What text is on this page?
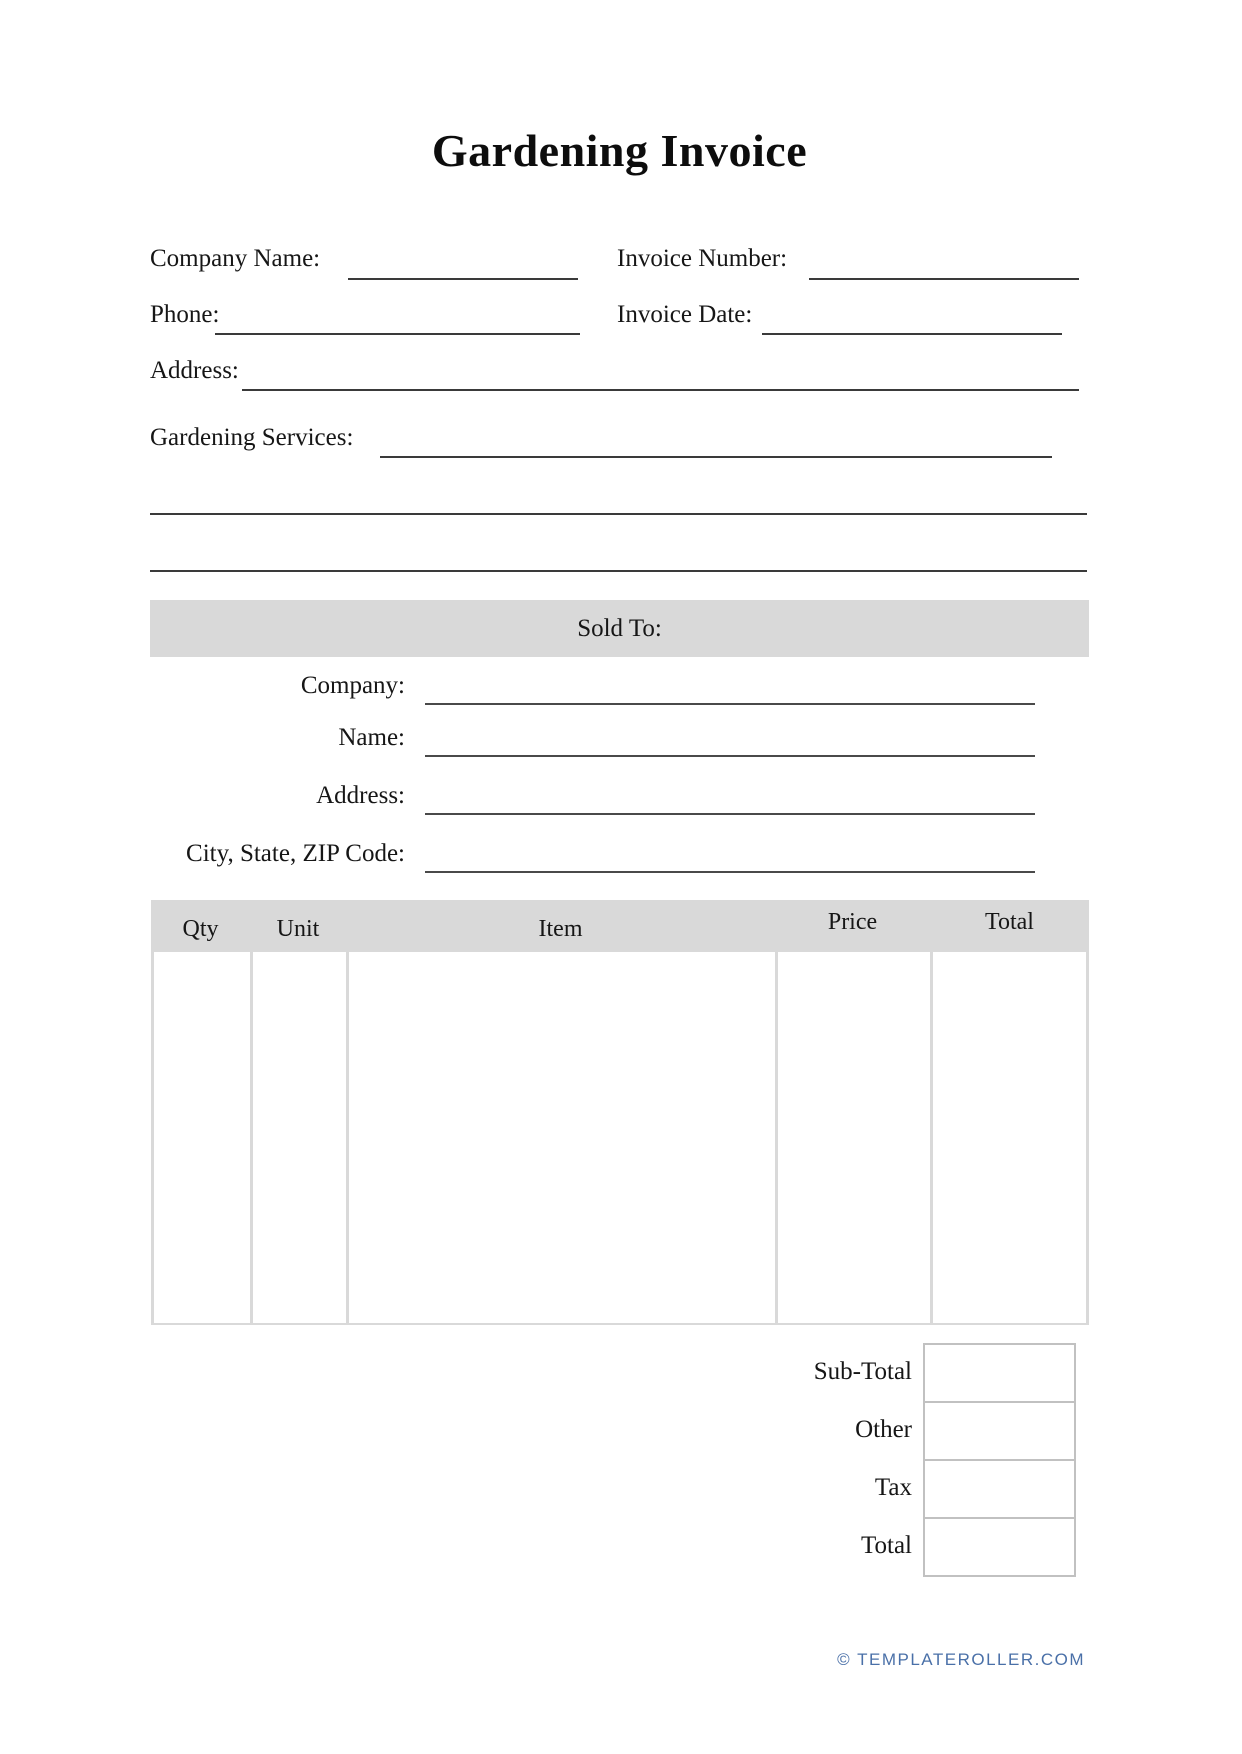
Gardening Invoice
Company Name:	Invoice Number:
Phone:	Invoice Date:
Address:
Gardening Services:
Sold To:
Company:
Name:
Address:
City, State, ZIP Code:
Qty	Unit	Item	Price	Total
Sub-Total
Other
Tax
Total
© TEMPLATEROLLER.COM
